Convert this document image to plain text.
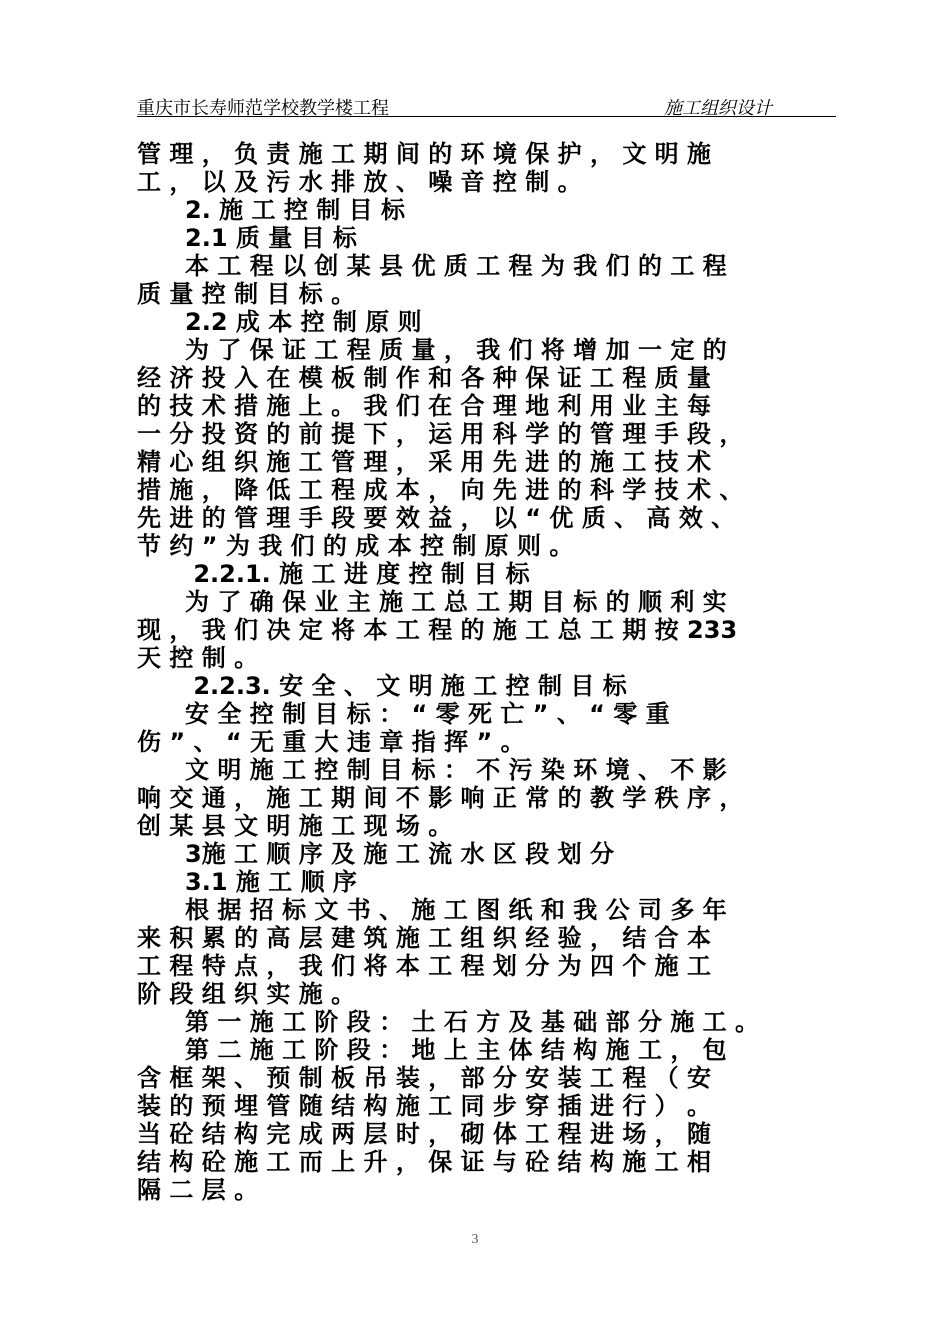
重庆市长寿师范学校教学楼工程	施工组织设计
管 理 ， 负 责 施 工 期 间 的 环 境 保 护 ， 文 明 施
工 ， 以 及 污 水 排 放 、 噪 音 控 制 。
　　2. 施 工 控 制 目 标
　　2.1 质 量 目 标
　　本 工 程 以 创 某 县 优 质 工 程 为 我 们 的 工 程
质 量 控 制 目 标 。
　　2.2 成 本 控 制 原 则
　　为 了 保 证 工 程 质 量 ， 我 们 将 增 加 一 定 的
经 济 投 入 在 模 板 制 作 和 各 种 保 证 工 程 质 量
的 技 术 措 施 上 。 我 们 在 合 理 地 利 用 业 主 每
一 分 投 资 的 前 提 下 ， 运 用 科 学 的 管 理 手 段 ，
精 心 组 织 施 工 管 理 ， 采 用 先 进 的 施 工 技 术
措 施 ， 降 低 工 程 成 本 ， 向 先 进 的 科 学 技 术 、
先 进 的 管 理 手 段 要 效 益 ， 以 “ 优 质 、 高 效 、
节 约 ” 为 我 们 的 成 本 控 制 原 则 。
　　 2.2.1. 施 工 进 度 控 制 目 标
　　为 了 确 保 业 主 施 工 总 工 期 目 标 的 顺 利 实
现 ， 我 们 决 定 将 本 工 程 的 施 工 总 工 期 按 233
天 控 制 。
　　 2.2.3. 安 全 、 文 明 施 工 控 制 目 标
　　安 全 控 制 目 标 ： “ 零 死 亡 ” 、 “ 零 重
伤 ” 、 “ 无 重 大 违 章 指 挥 ” 。
　　文 明 施 工 控 制 目 标 ： 不 污 染 环 境 、 不 影
响 交 通 ， 施 工 期 间 不 影 响 正 常 的 教 学 秩 序 ，
创 某 县 文 明 施 工 现 场 。
　　3施 工 顺 序 及 施 工 流 水 区 段 划 分
　　3.1 施 工 顺 序
　　根 据 招 标 文 书 、 施 工 图 纸 和 我 公 司 多 年
来 积 累 的 高 层 建 筑 施 工 组 织 经 验 ， 结 合 本
工 程 特 点 ， 我 们 将 本 工 程 划 分 为 四 个 施 工
阶 段 组 织 实 施 。
　　第 一 施 工 阶 段 ： 土 石 方 及 基 础 部 分 施 工 。
　　第 二 施 工 阶 段 ： 地 上 主 体 结 构 施 工 ， 包
含 框 架 、 预 制 板 吊 装 ， 部 分 安 装 工 程 （ 安
装 的 预 埋 管 随 结 构 施 工 同 步 穿 插 进 行 ） 。
当 砼 结 构 完 成 两 层 时 ， 砌 体 工 程 进 场 ， 随
结 构 砼 施 工 而 上 升 ， 保 证 与 砼 结 构 施 工 相
隔 二 层 。
3
